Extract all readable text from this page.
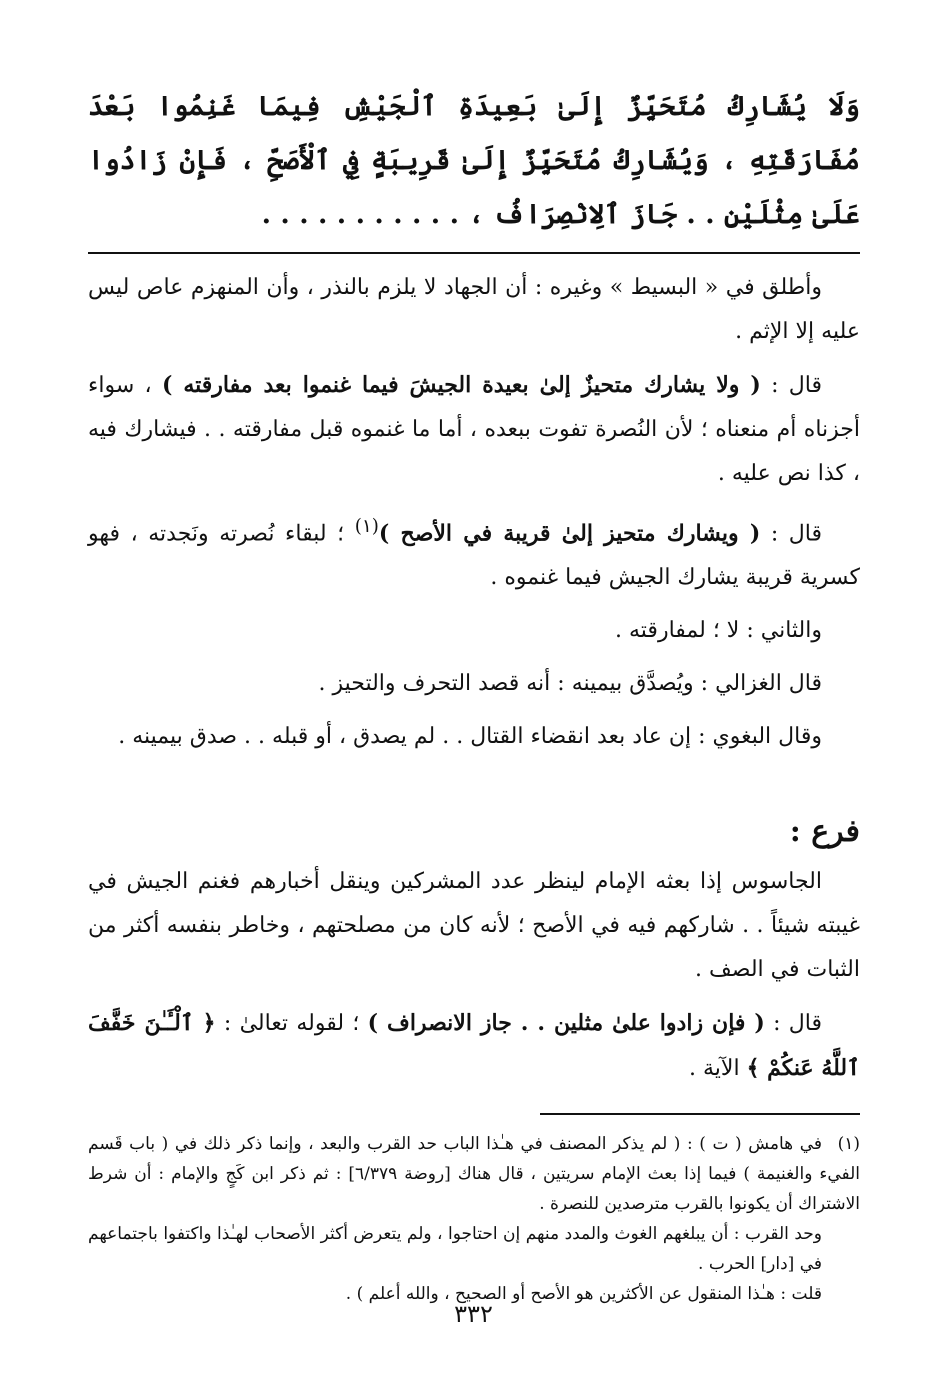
وَلَا يُشَارِكُ مُتَحَيِّزٌ إِلَىٰ بَعِيدَةِ ٱلْجَيْشِ فِيمَا غَنِمُوا بَعْدَ مُفَارَقَتِهِ ، وَيُشَارِكُ مُتَحَيِّزٌ إِلَىٰ قَرِيبَةٍ فِي ٱلْأَصَحِّ ، فَإِنْ زَادُوا عَلَىٰ مِثْلَيْنِ . . جَازَ ٱلِانْصِرَافُ ، . . . . . . . . . . .

وأطلق في « البسيط » وغيره : أن الجهاد لا يلزم بالنذر ، وأن المنهزم عاص ليس عليه إلا الإثم .

قال : ( ولا يشارك متحيزٌ إلىٰ بعيدة الجيشَ فيما غنموا بعد مفارقته ) ، سواء أجزناه أم منعناه ؛ لأن النُصرة تفوت ببعده ، أما ما غنموه قبل مفارقته . . فيشارك فيه ، كذا نص عليه .

قال : ( ويشارك متحيز إلىٰ قريبة في الأصح )$^{(١)}$ ؛ لبقاء نُصرته ونَجدته ، فهو كسرية قريبة يشارك الجيش فيما غنموه .

والثاني : لا ؛ لمفارقته .

قال الغزالي : ويُصدَّق بيمينه : أنه قصد التحرف والتحيز .

وقال البغوي : إن عاد بعد انقضاء القتال . . لم يصدق ، أو قبله . . صدق بيمينه .

فرع :

الجاسوس إذا بعثه الإمام لينظر عدد المشركين وينقل أخبارهم فغنم الجيش في غيبته شيئاً . . شاركهم فيه في الأصح ؛ لأنه كان من مصلحتهم ، وخاطر بنفسه أكثر من الثبات في الصف .

قال : ( فإن زادوا علىٰ مثلين . . جاز الانصراف ) ؛ لقوله تعالىٰ : ﴿ ٱلْـَٔـٰنَ خَفَّفَ ٱللَّهُ عَنكُمْ ﴾ الآية .

(١)في هامش ( ت ) : ( لم يذكر المصنف في هـٰذا الباب حد القرب والبعد ، وإنما ذكر ذلك في ( باب قَسم الفيء والغنيمة ) فيما إذا بعث الإمام سريتين ، قال هناك [روضة ٦/٣٧٩] : ثم ذكر ابن كَجٍ والإمام : أن شرط الاشتراك أن يكونوا بالقرب مترصدين للنصرة .

وحد القرب : أن يبلغهم الغوث والمدد منهم إن احتاجوا ، ولم يتعرض أكثر الأصحاب لهـٰذا واكتفوا باجتماعهم في [دار] الحرب .

قلت : هـٰذا المنقول عن الأكثرين هو الأصح أو الصحيح ، والله أعلم ) .

٣٣٢
